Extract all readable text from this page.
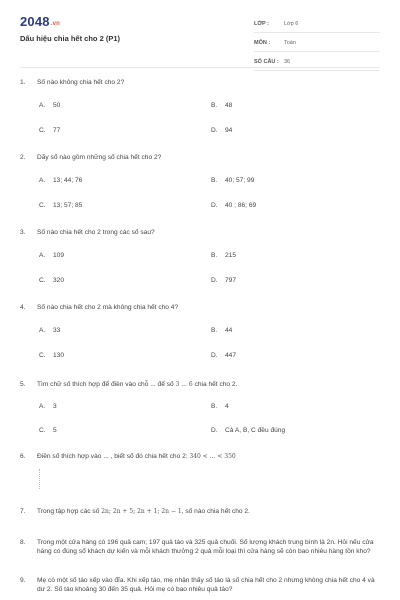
$2048^{.vn}$
Dấu hiệu chia hết cho 2 (P1)
LỚP :	Lớp 6
MÔN :	Toán
SỐ CÂU : 36
1.	Số nào không chia hết cho 2?
A.	50	B.	48
C.	77	D.	94
2.	Dãy số nào gồm những số chia hết cho 2?
A.	13; 44; 76	B.	40; 57; 99
C.	13; 57; 85	D.	40 ; 86; 69
3.	Số nào chia hết cho 2 trong các số sau?
A.	109	B.	215
C.	320	D.	797
4.	Số nào chia hết cho 2 mà không chia hết cho 4?
A.	33	B.	44
C.	130	D.	447
5.	Tìm chữ số thích hợp để điền vào chỗ ... để số 3 ... 6 chia hết cho 2.
A.	3	B.	4
C.	5	D.	Cả A, B, C đều đúng
6.	Điền số thích hợp vào ... , biết số đó chia hết cho 2: 340 < ... < 350
7.	Trong tập hợp các số 2n; 2n + 5; 2n + 1; 2n − 1, số nào chia hết cho 2.
8.	Trong một cửa hàng có 196 quả cam; 197 quả táo và 325 quả chuối. Số lượng khách trung bình là 2n. Hỏi nếu cửa hàng có đúng số khách dự kiến và mỗi khách thưởng 2 quả mỗi loại thì cửa hàng sẽ còn bao nhiêu hàng tồn kho?
9.	Mẹ có một số táo xếp vào đĩa. Khi xếp táo, mẹ nhận thấy số táo là số chia hết cho 2 nhưng không chia hết cho 4 và dư 2. Số táo khoảng 30 đến 35 quả. Hỏi mẹ có bao nhiêu quả táo?
